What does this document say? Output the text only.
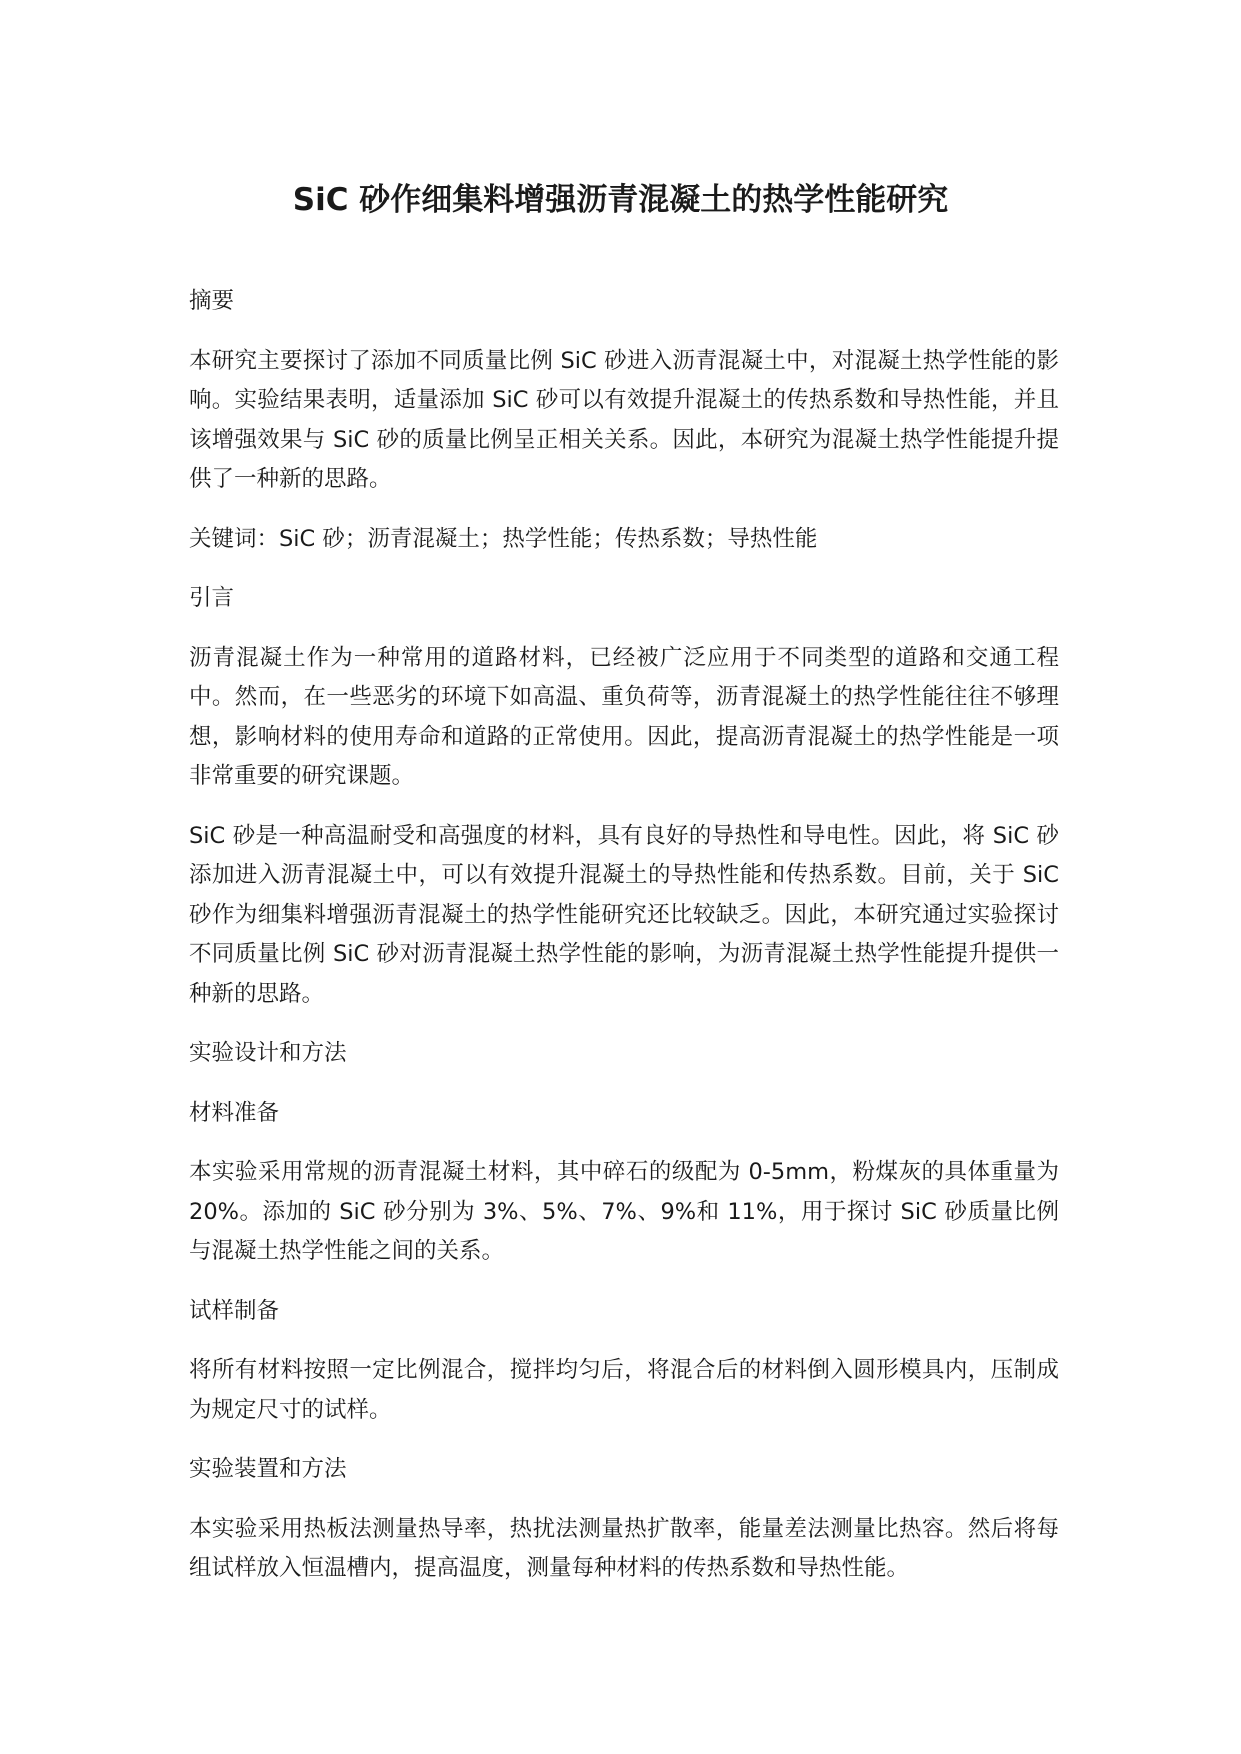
SiC 砂作细集料增强沥青混凝土的热学性能研究
摘要

本研究主要探讨了添加不同质量比例 SiC 砂进入沥青混凝土中，对混凝土热学性能的影响。实验结果表明，适量添加 SiC 砂可以有效提升混凝土的传热系数和导热性能，并且该增强效果与 SiC 砂的质量比例呈正相关关系。因此，本研究为混凝土热学性能提升提供了一种新的思路。

关键词：SiC 砂；沥青混凝土；热学性能；传热系数；导热性能

引言

沥青混凝土作为一种常用的道路材料，已经被广泛应用于不同类型的道路和交通工程中。然而，在一些恶劣的环境下如高温、重负荷等，沥青混凝土的热学性能往往不够理想，影响材料的使用寿命和道路的正常使用。因此，提高沥青混凝土的热学性能是一项非常重要的研究课题。

SiC 砂是一种高温耐受和高强度的材料，具有良好的导热性和导电性。因此，将 SiC 砂添加进入沥青混凝土中，可以有效提升混凝土的导热性能和传热系数。目前，关于 SiC 砂作为细集料增强沥青混凝土的热学性能研究还比较缺乏。因此，本研究通过实验探讨不同质量比例 SiC 砂对沥青混凝土热学性能的影响，为沥青混凝土热学性能提升提供一种新的思路。

实验设计和方法
材料准备

本实验采用常规的沥青混凝土材料，其中碎石的级配为 0-5mm，粉煤灰的具体重量为 20%。添加的 SiC 砂分别为 3%、5%、7%、9%和 11%，用于探讨 SiC 砂质量比例与混凝土热学性能之间的关系。

试样制备

将所有材料按照一定比例混合，搅拌均匀后，将混合后的材料倒入圆形模具内，压制成为规定尺寸的试样。

实验装置和方法

本实验采用热板法测量热导率，热扰法测量热扩散率，能量差法测量比热容。然后将每组试样放入恒温槽内，提高温度，测量每种材料的传热系数和导热性能。
